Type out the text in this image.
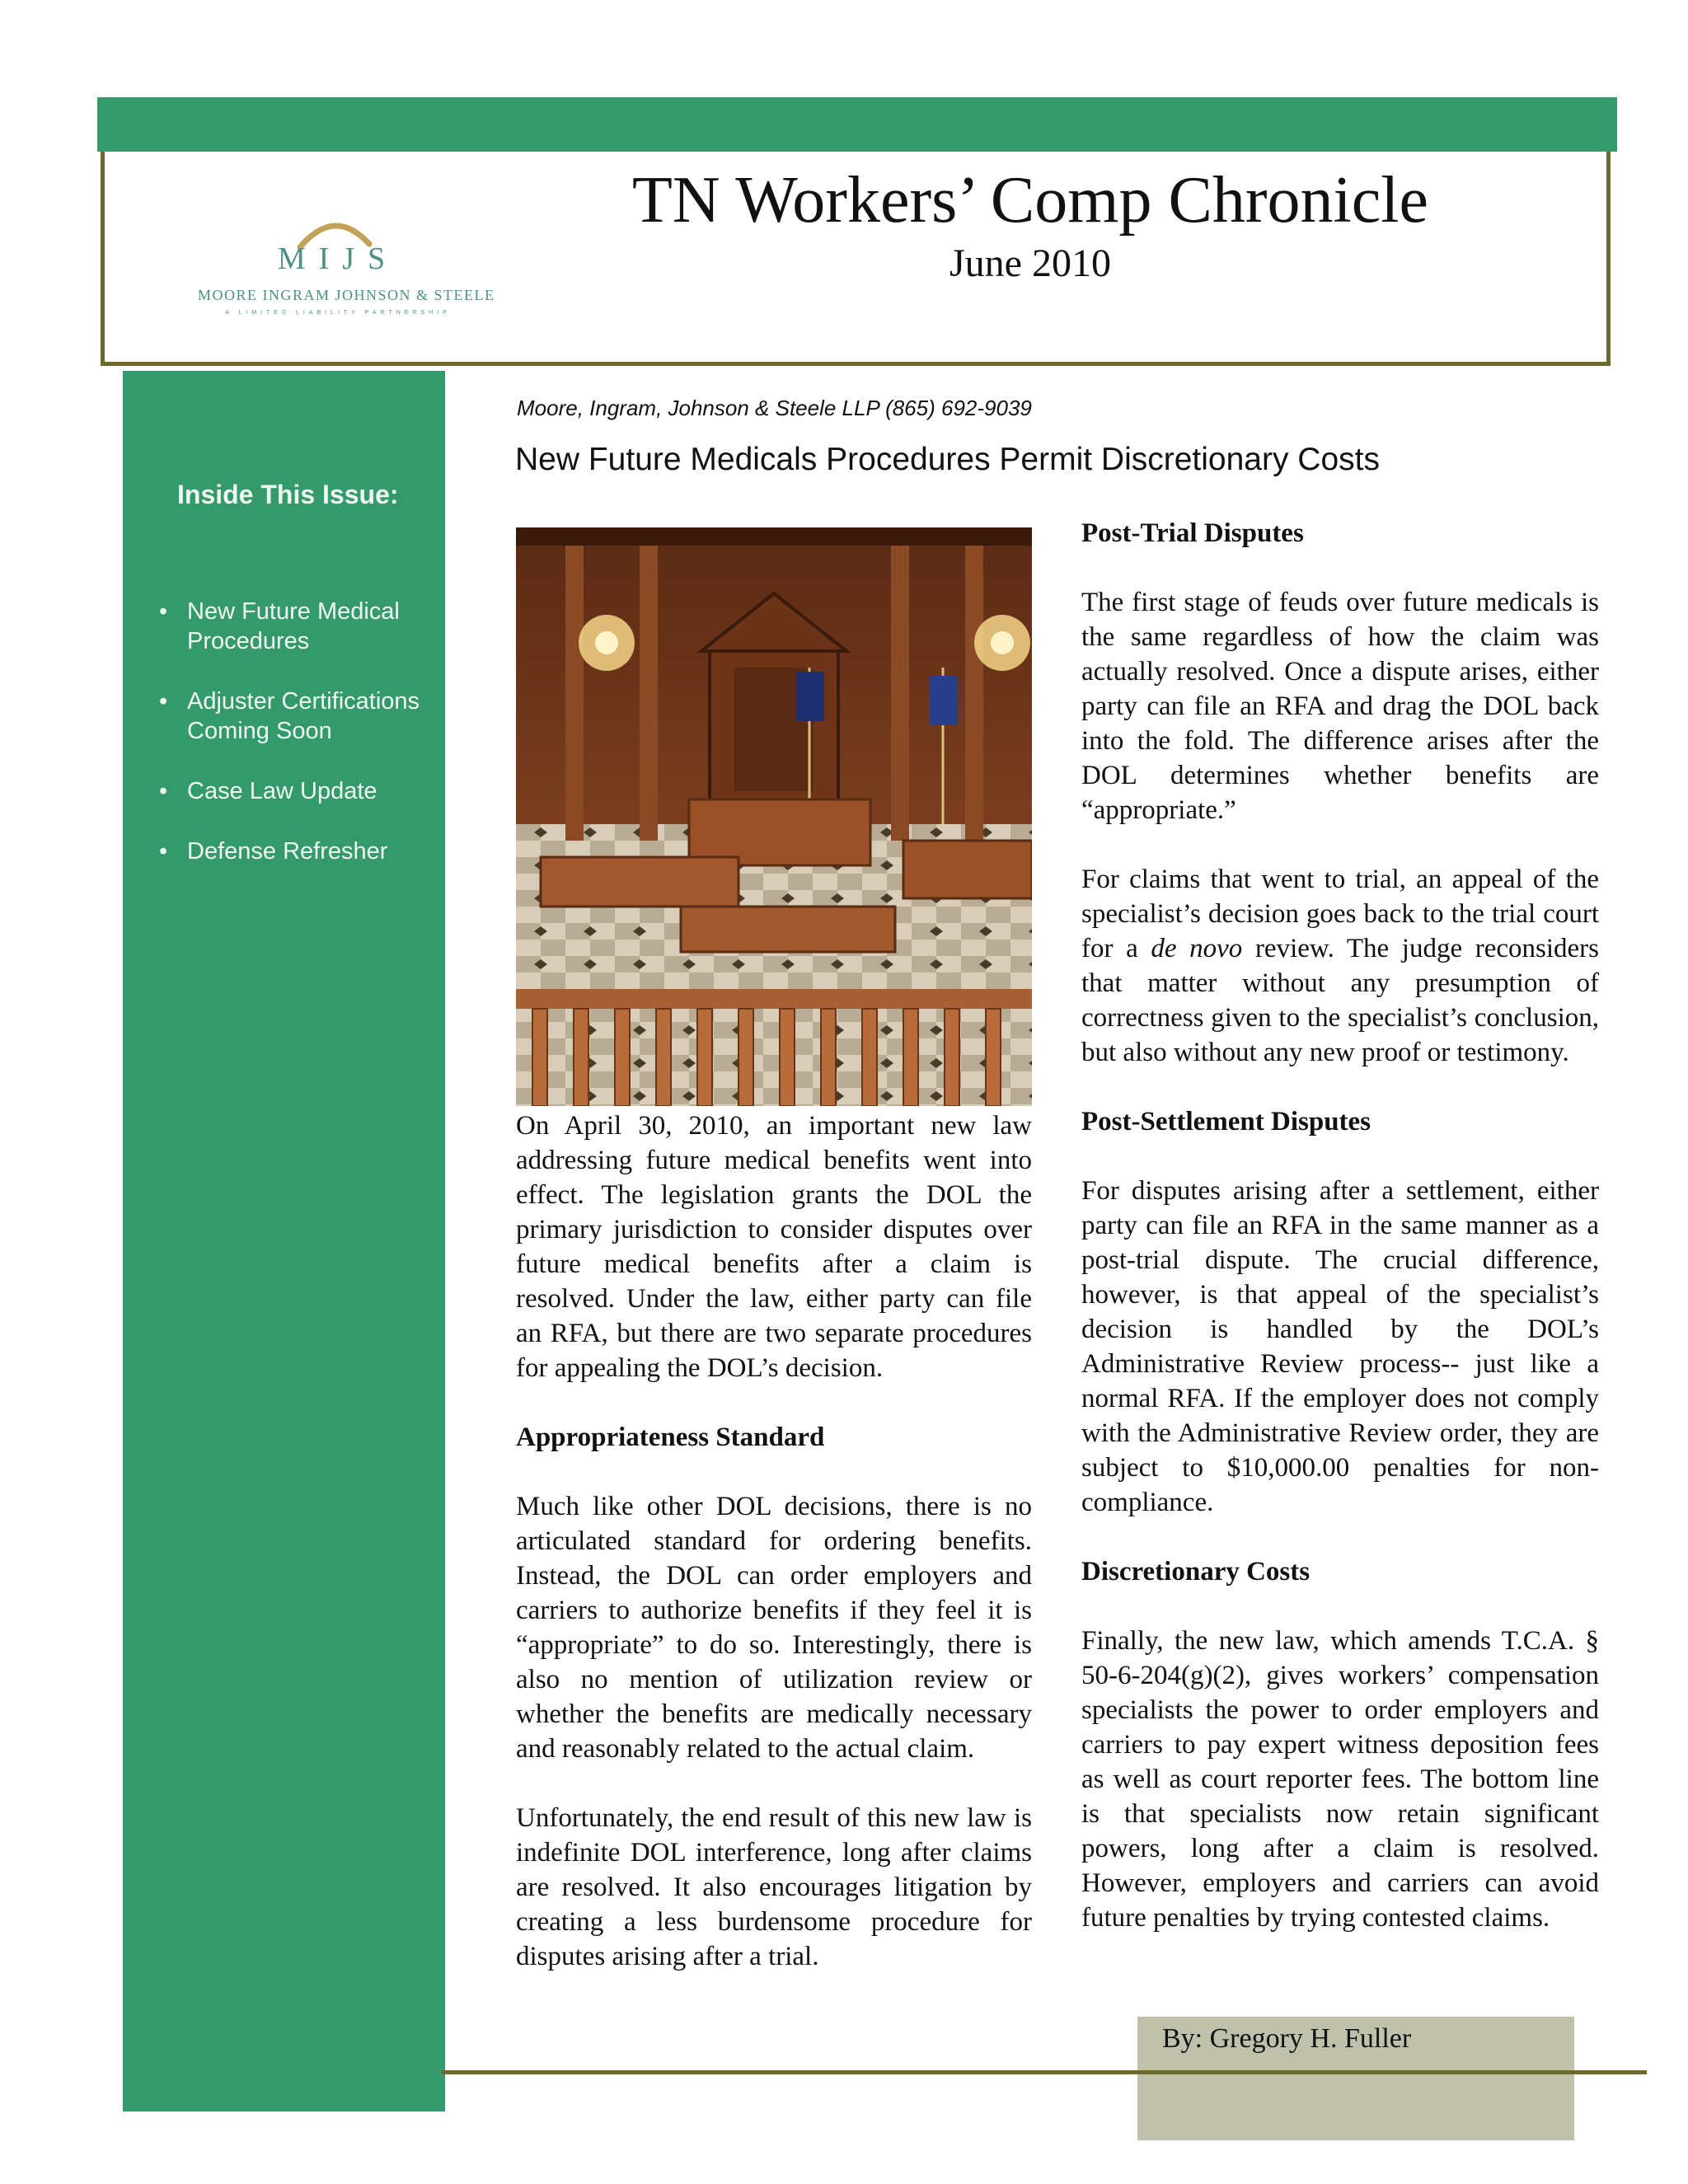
MIJS
MOORE INGRAM JOHNSON & STEELE
A LIMITED LIABILITY PARTNERSHIP
TN Workers’ Comp Chronicle
June 2010
Inside This Issue:
• New Future Medical Procedures
• Adjuster Certifications Coming Soon
• Case Law Update
• Defense Refresher
Moore, Ingram, Johnson & Steele LLP (865) 692-9039
New Future Medicals Procedures Permit Discretionary Costs

On April 30, 2010, an important new law addressing future medical benefits went into effect. The legislation grants the DOL the primary jurisdiction to consider disputes over future medical benefits after a claim is resolved. Under the law, either party can file an RFA, but there are two separate procedures for appealing the DOL’s decision.

Appropriateness Standard

Much like other DOL decisions, there is no articulated standard for ordering benefits. Instead, the DOL can order employers and carriers to authorize benefits if they feel it is “appropriate” to do so. Interestingly, there is also no mention of utilization review or whether the benefits are medically necessary and reasonably related to the actual claim.

Unfortunately, the end result of this new law is indefinite DOL interference, long after claims are resolved. It also encourages litigation by creating a less burdensome procedure for disputes arising after a trial.

Post-Trial Disputes

The first stage of feuds over future medicals is the same regardless of how the claim was actually resolved. Once a dispute arises, either party can file an RFA and drag the DOL back into the fold. The difference arises after the DOL determines whether benefits are “appropriate.”

For claims that went to trial, an appeal of the specialist’s decision goes back to the trial court for a de novo review. The judge reconsiders that matter without any presumption of correctness given to the specialist’s conclusion, but also without any new proof or testimony.

Post-Settlement Disputes

For disputes arising after a settlement, either party can file an RFA in the same manner as a post-trial dispute. The crucial difference, however, is that appeal of the specialist’s decision is handled by the DOL’s Administrative Review process-- just like a normal RFA. If the employer does not comply with the Administrative Review order, they are subject to $10,000.00 penalties for non-compliance.

Discretionary Costs

Finally, the new law, which amends T.C.A. § 50-6-204(g)(2), gives workers’ compensation specialists the power to order employers and carriers to pay expert witness deposition fees as well as court reporter fees. The bottom line is that specialists now retain significant powers, long after a claim is resolved. However, employers and carriers can avoid future penalties by trying contested claims.

By: Gregory H. Fuller
